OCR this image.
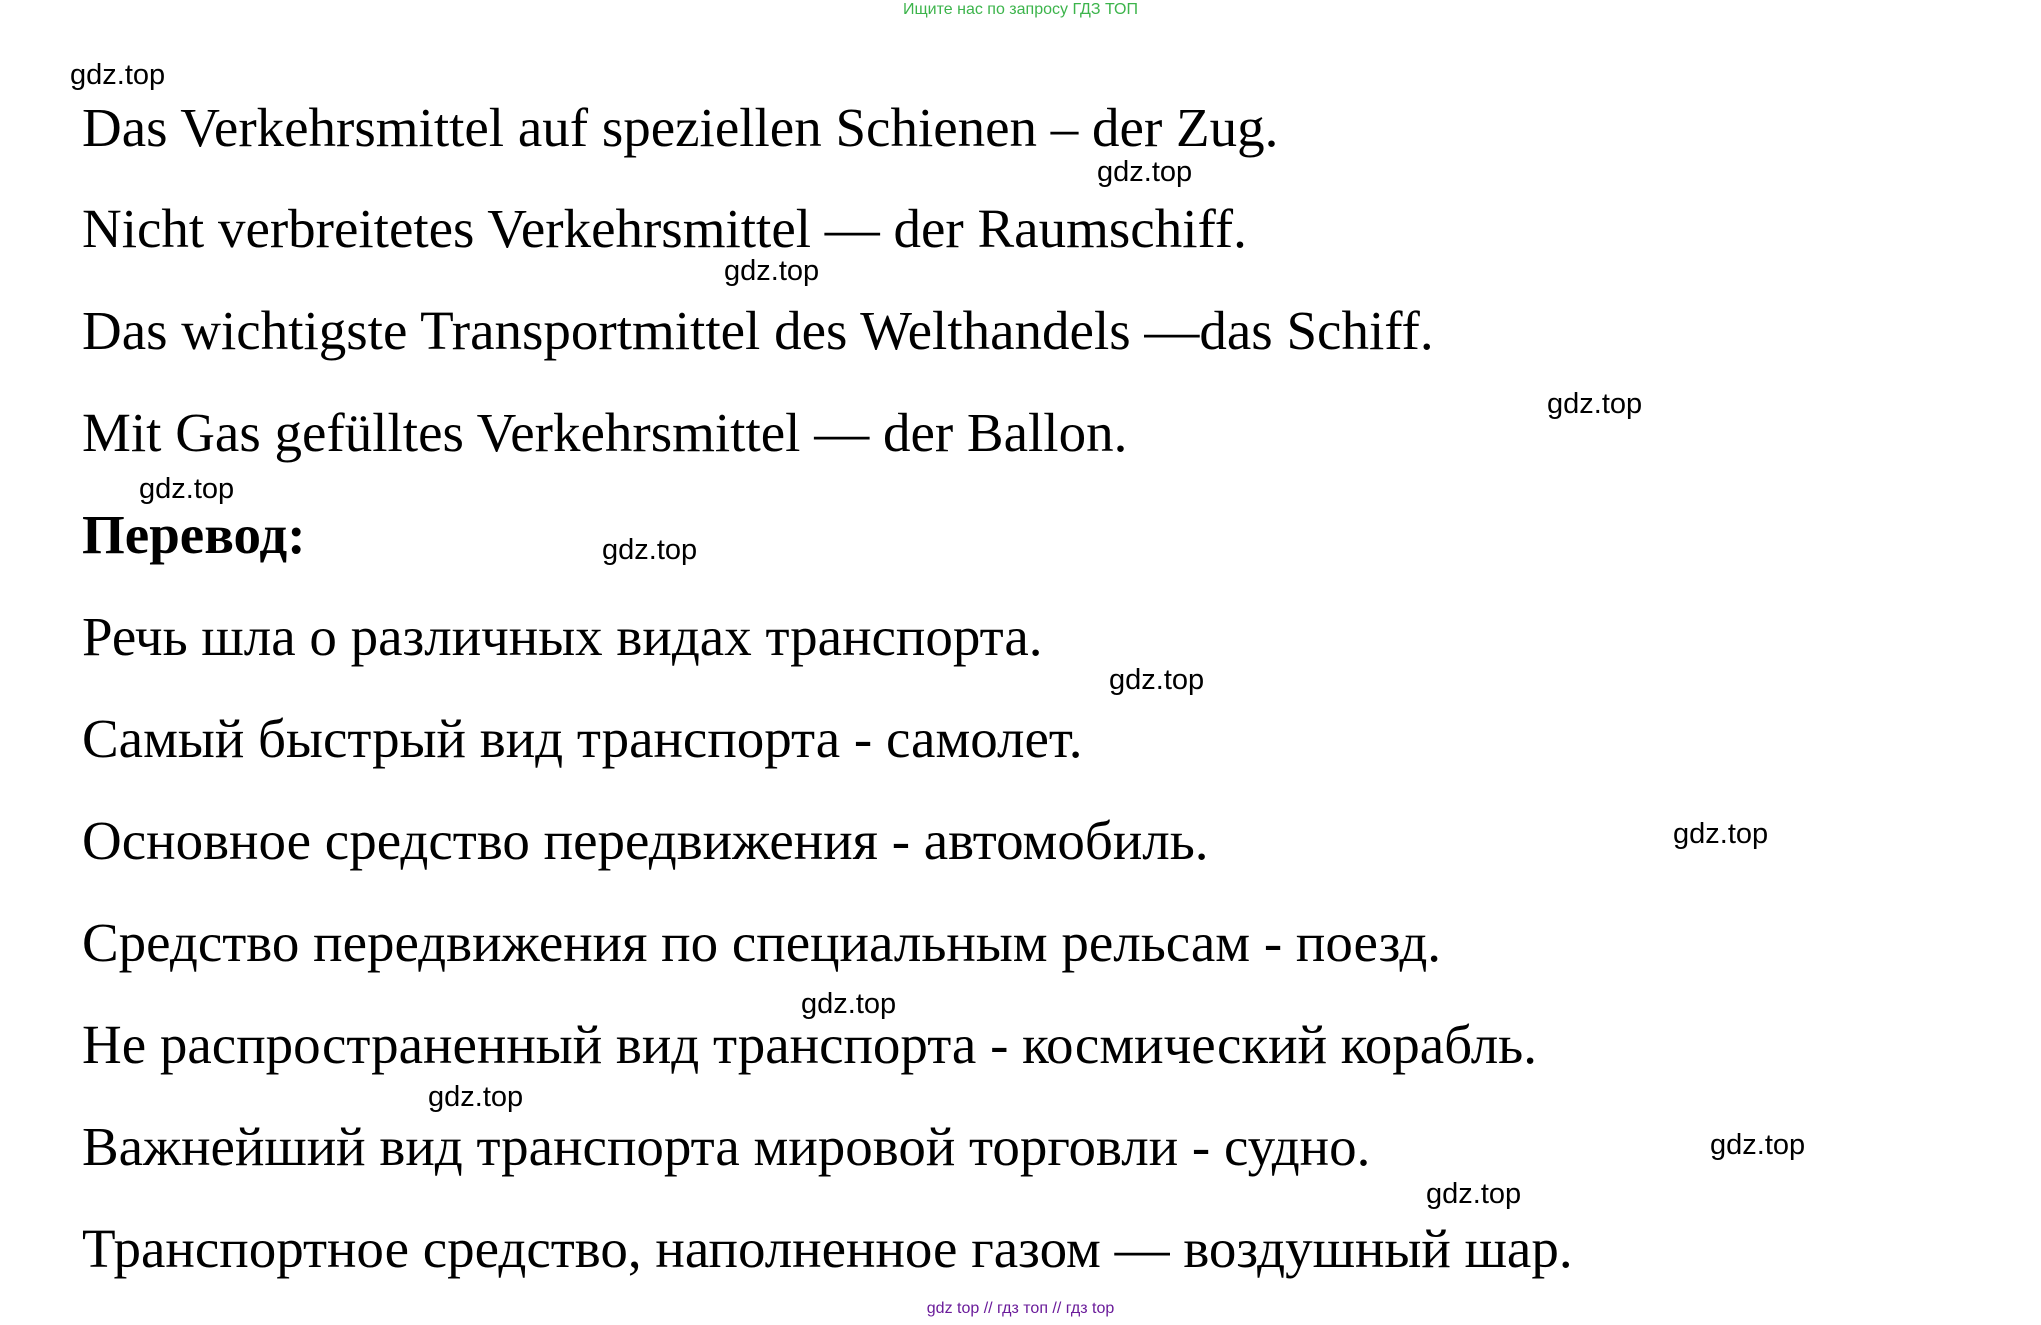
Ищите нас по запросу ГДЗ ТОП
Das Verkehrsmittel auf speziellen Schienen – der Zug.
Nicht verbreitetes Verkehrsmittel — der Raumschiff.
Das wichtigste Transportmittel des Welthandels —das Schiff.
Mit Gas gefülltes Verkehrsmittel — der Ballon.
Перевод:
Речь шла о различных видах транспорта.
Самый быстрый вид транспорта - самолет.
Основное средство передвижения - автомобиль.
Средство передвижения по специальным рельсам - поезд.
Не распространенный вид транспорта - космический корабль.
Важнейший вид транспорта мировой торговли - судно.
Транспортное средство, наполненное газом — воздушный шар.
gdz.top
gdz.top
gdz.top
gdz.top
gdz.top
gdz.top
gdz.top
gdz.top
gdz.top
gdz.top
gdz.top
gdz.top
gdz top // гдз топ // гдз top
